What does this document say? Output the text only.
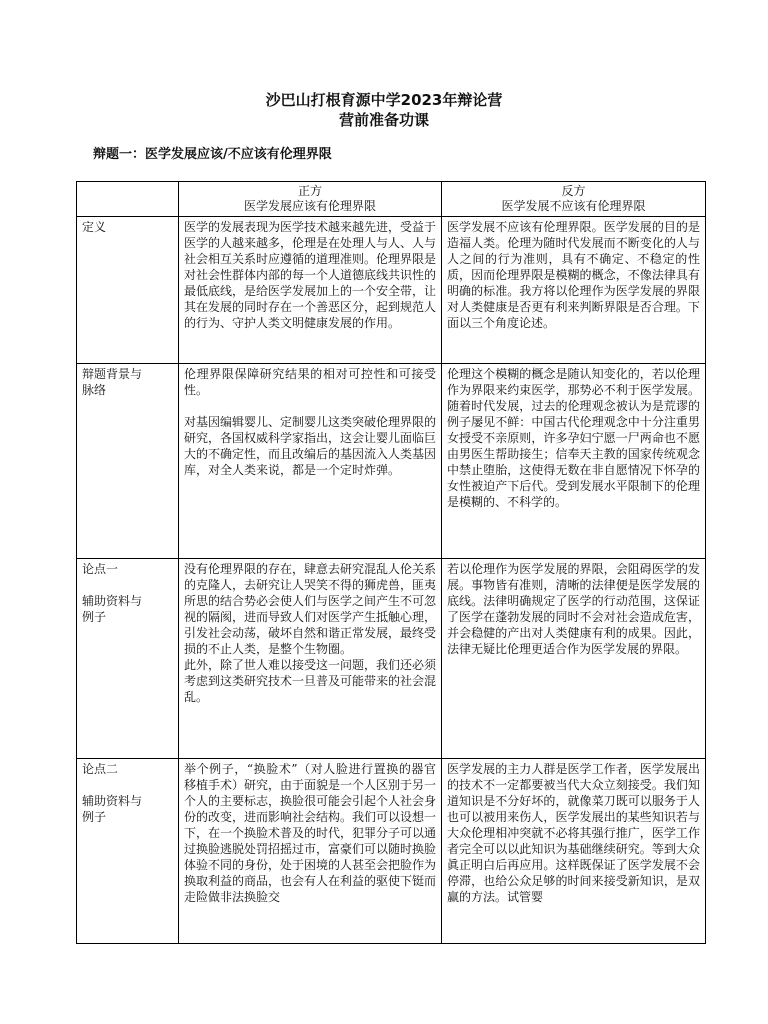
沙巴山打根育源中学2023年辩论营
营前准备功课
辩题一：医学发展应该/不应该有伦理界限

	正方
医学发展应该有伦理界限	反方
医学发展不应该有伦理界限

定义	医学的发展表现为医学技术越来越先进，受益于医学的人越来越多，伦理是在处理人与人、人与社会相互关系时应遵循的道理准则。伦理界限是对社会性群体内部的每一个人道德底线共识性的最低底线，是给医学发展加上的一个安全带，让其在发展的同时存在一个善恶区分，起到规范人的行为、守护人类文明健康发展的作用。	医学发展不应该有伦理界限。医学发展的目的是造福人类。伦理为随时代发展而不断变化的人与人之间的行为准则，具有不确定、不稳定的性质，因而伦理界限是模糊的概念，不像法律具有明确的标准。我方将以伦理作为医学发展的界限对人类健康是否更有利来判断界限是否合理。下面以三个角度论述。

辩题背景与
脉络	伦理界限保障研究结果的相对可控性和可接受性。
对基因编辑婴儿、定制婴儿这类突破伦理界限的研究，各国权威科学家指出，这会让婴儿面临巨大的不确定性，而且改编后的基因流入人类基因库，对全人类来说，都是一个定时炸弹。	伦理这个模糊的概念是随认知变化的，若以伦理作为界限来约束医学，那势必不利于医学发展。随着时代发展，过去的伦理观念被认为是荒谬的例子屡见不鲜：中国古代伦理观念中十分注重男女授受不亲原则，许多孕妇宁愿一尸两命也不愿由男医生帮助接生；信奉天主教的国家传统观念中禁止堕胎，这使得无数在非自愿情况下怀孕的女性被迫产下后代。受到发展水平限制下的伦理是模糊的、不科学的。

论点一

辅助资料与
例子	没有伦理界限的存在，肆意去研究混乱人伦关系的克隆人，去研究让人哭笑不得的狮虎兽，匪夷所思的结合势必会使人们与医学之间产生不可忽视的隔阂，进而导致人们对医学产生抵触心理，引发社会动荡，破坏自然和谐正常发展，最终受损的不止人类，是整个生物圈。
此外，除了世人难以接受这一问题，我们还必须考虑到这类研究技术一旦普及可能带来的社会混乱。	若以伦理作为医学发展的界限，会阻碍医学的发展。事物皆有准则，清晰的法律便是医学发展的底线。法律明确规定了医学的行动范围，这保证了医学在蓬勃发展的同时不会对社会造成危害，并会稳健的产出对人类健康有利的成果。因此，法律无疑比伦理更适合作为医学发展的界限。

论点二

辅助资料与
例子	举个例子，“换脸术”（对人脸进行置换的器官移植手术）研究，由于面貌是一个人区别于另一个人的主要标志，换脸很可能会引起个人社会身份的改变，进而影响社会结构。我们可以设想一下，在一个换脸术普及的时代，犯罪分子可以通过换脸逃脱处罚招摇过市，富豪们可以随时换脸体验不同的身份，处于困境的人甚至会把脸作为换取利益的商品，也会有人在利益的驱使下铤而走险做非法换脸交	医学发展的主力人群是医学工作者，医学发展出的技术不一定都要被当代大众立刻接受。我们知道知识是不分好坏的，就像菜刀既可以服务于人也可以被用来伤人，医学发展出的某些知识若与大众伦理相冲突就不必将其强行推广，医学工作者完全可以以此知识为基础继续研究。等到大众眞正明白后再应用。这样既保证了医学发展不会停滞，也给公众足够的时间来接受新知识，是双赢的方法。试管婴
